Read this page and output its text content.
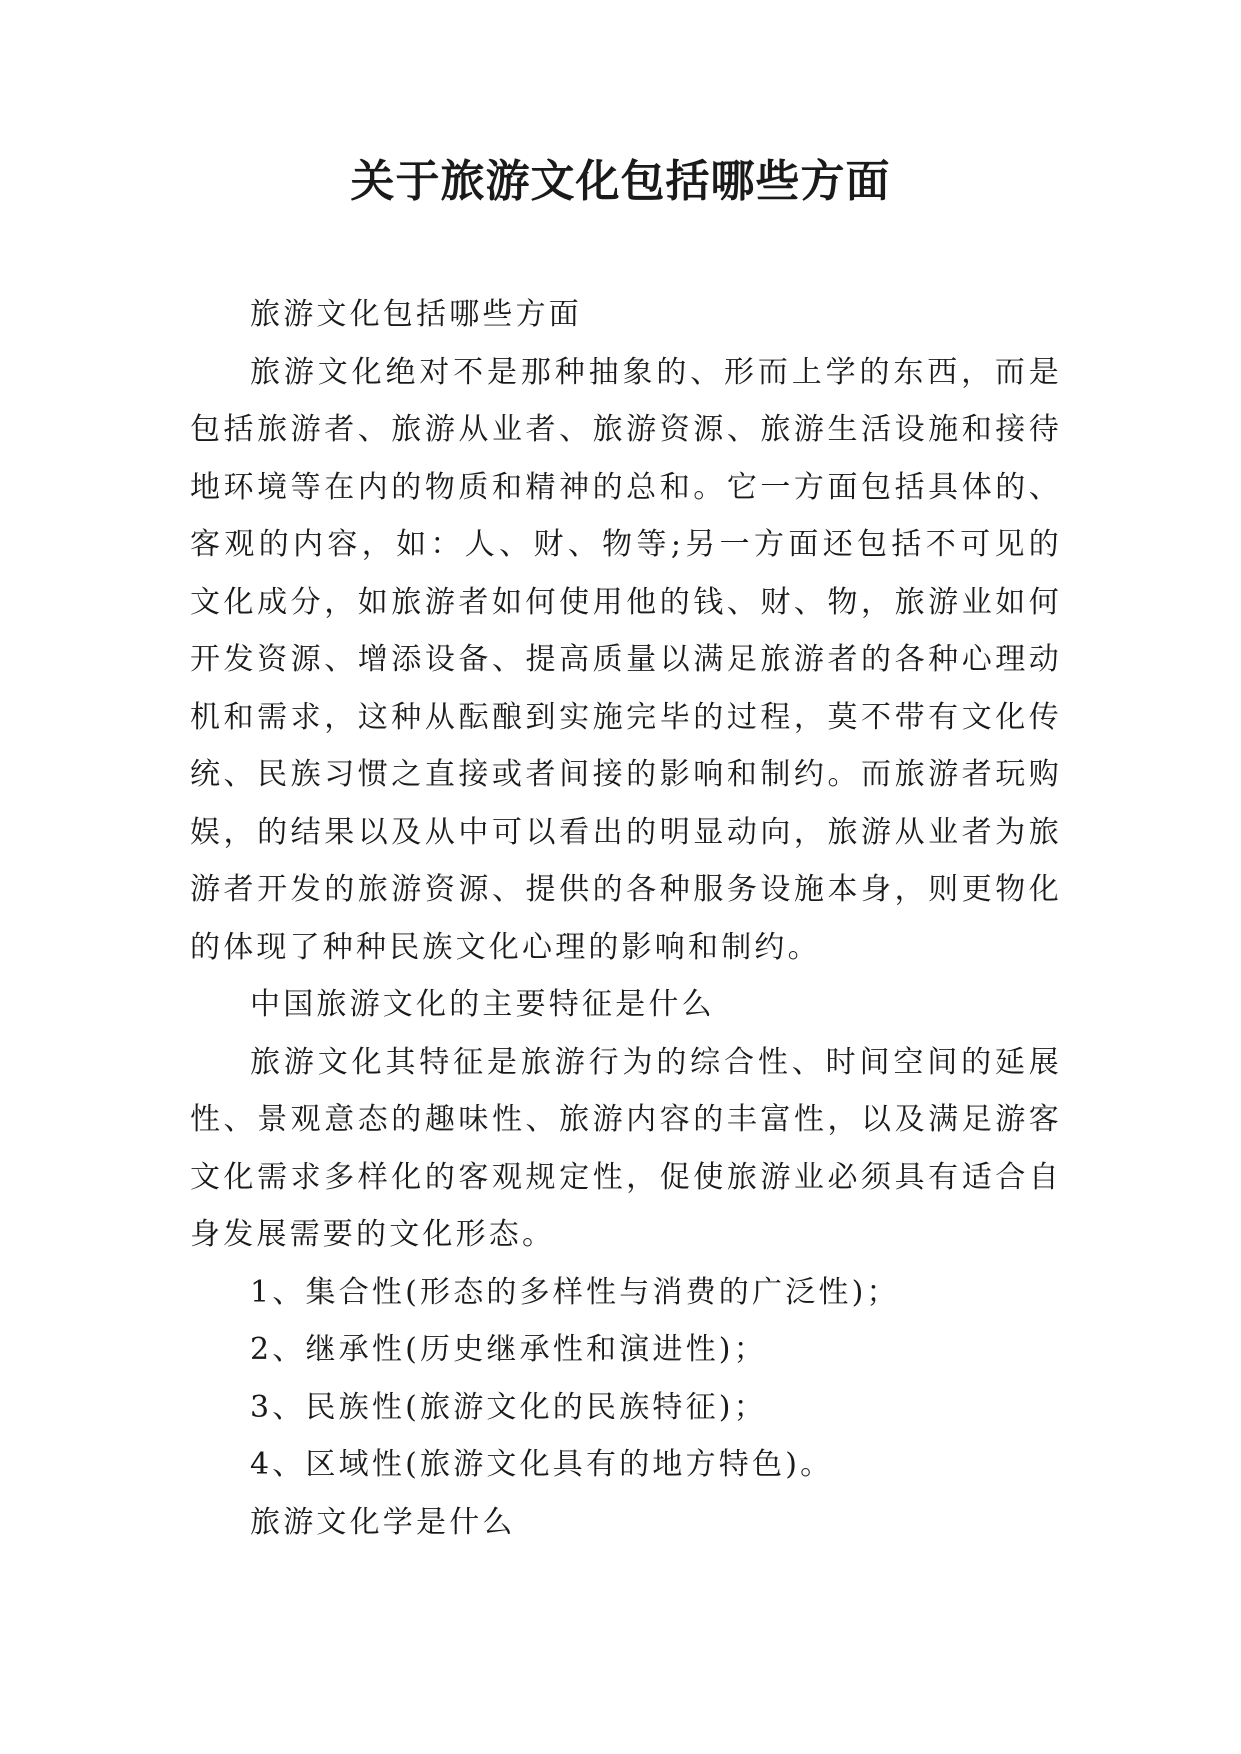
关于旅游文化包括哪些方面

旅游文化包括哪些方面

旅游文化绝对不是那种抽象的、形而上学的东西，而是包括旅游者、旅游从业者、旅游资源、旅游生活设施和接待地环境等在内的物质和精神的总和。它一方面包括具体的、客观的内容，如：人、财、物等;另一方面还包括不可见的文化成分，如旅游者如何使用他的钱、财、物，旅游业如何开发资源、增添设备、提高质量以满足旅游者的各种心理动机和需求，这种从酝酿到实施完毕的过程，莫不带有文化传统、民族习惯之直接或者间接的影响和制约。而旅游者玩购 娱，的结果以及从中可以看出的明显动向，旅游从业者为旅游者开发的旅游资源、提供的各种服务设施本身，则更物化的体现了种种民族文化心理的影响和制约。

中国旅游文化的主要特征是什么

旅游文化其特征是旅游行为的综合性、时间空间的延展性、景观意态的趣味性、旅游内容的丰富性，以及满足游客文化需求多样化的客观规定性，促使旅游业必须具有适合自身发展需要的文化形态。

1、集合性(形态的多样性与消费的广泛性)；

2、继承性(历史继承性和演进性)；

3、民族性(旅游文化的民族特征)；

4、区域性(旅游文化具有的地方特色)。

旅游文化学是什么
